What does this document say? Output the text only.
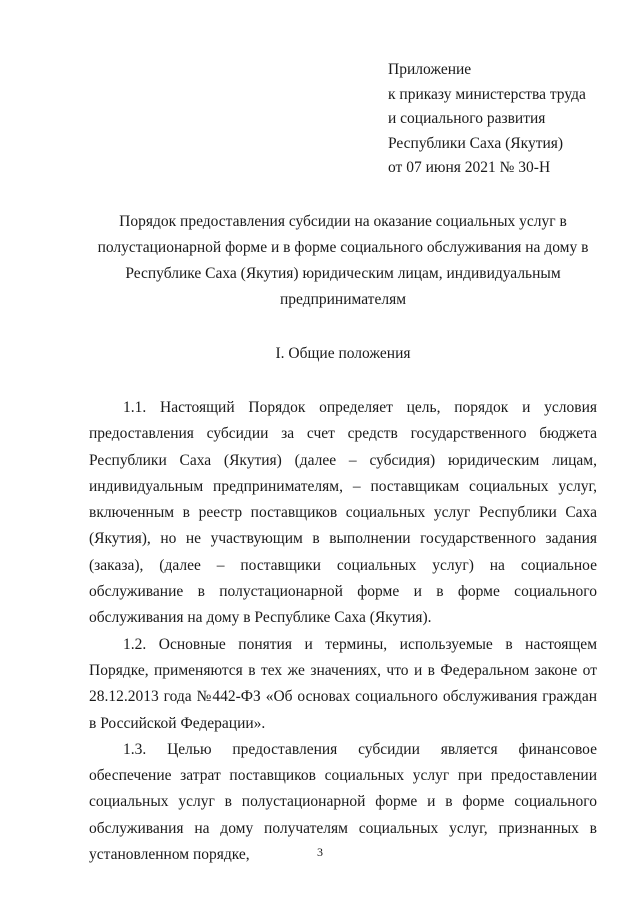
Приложение
к приказу министерства труда
и социального развития
Республики Саха (Якутия)
от 07 июня 2021 № 30-Н
Порядок предоставления субсидии на оказание социальных услуг в полустационарной форме и в форме социального обслуживания на дому в Республике Саха (Якутия) юридическим лицам, индивидуальным предпринимателям
I. Общие положения

1.1. Настоящий Порядок определяет цель, порядок и условия предоставления субсидии за счет средств государственного бюджета Республики Саха (Якутия) (далее – субсидия) юридическим лицам, индивидуальным предпринимателям, – поставщикам социальных услуг, включенным в реестр поставщиков социальных услуг Республики Саха (Якутия), но не участвующим в выполнении государственного задания (заказа), (далее – поставщики социальных услуг) на социальное обслуживание в полустационарной форме и в форме социального обслуживания на дому в Республике Саха (Якутия).

1.2. Основные понятия и термины, используемые в настоящем Порядке, применяются в тех же значениях, что и в Федеральном законе от 28.12.2013 года №442-ФЗ «Об основах социального обслуживания граждан в Российской Федерации».

1.3. Целью предоставления субсидии является финансовое обеспечение затрат поставщиков социальных услуг при предоставлении социальных услуг в полустационарной форме и в форме социального обслуживания на дому получателям социальных услуг, признанных в установленном порядке,	3
